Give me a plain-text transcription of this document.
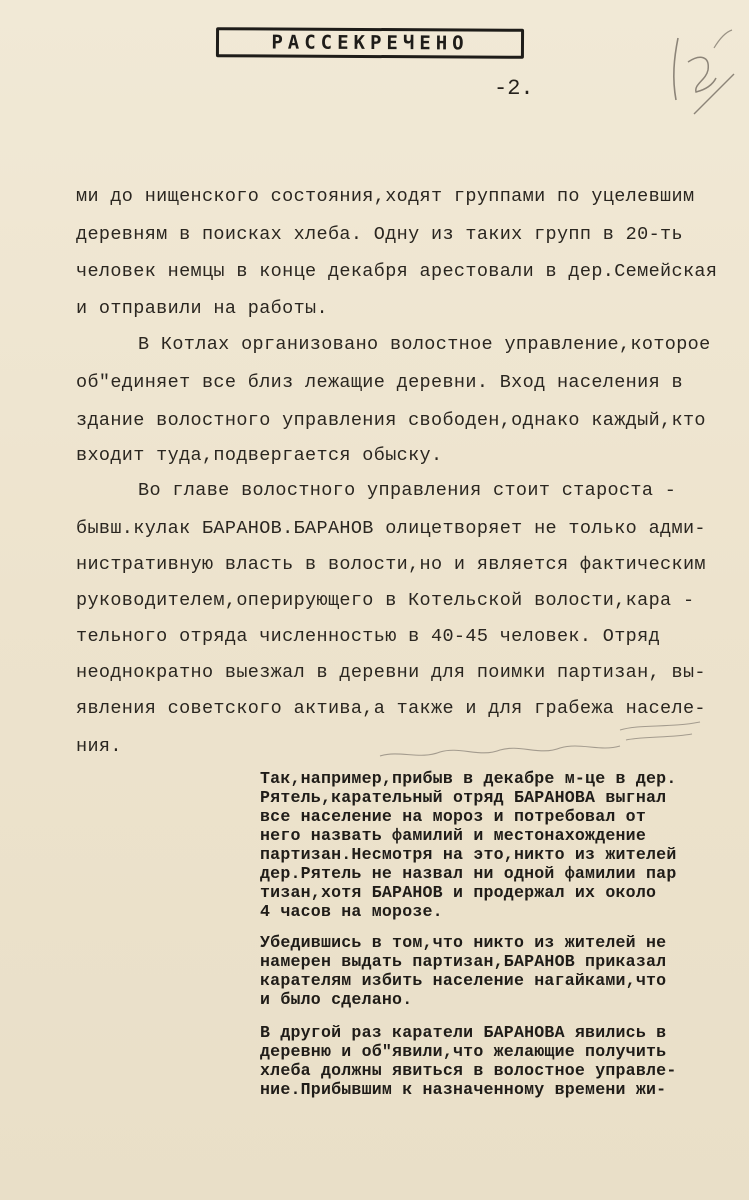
РАССЕКРЕЧЕНО
-2.
ми до нищенского состояния,ходят группами по уцелевшим
деревням в поисках хлеба. Одну из таких групп в 20-ть
человек немцы в конце декабря арестовали в дер.Семейская
и отправили на работы.
В Котлах организовано волостное управление,которое
об"единяет все близ лежащие деревни. Вход населения в
здание волостного управления свободен,однако каждый,кто
входит туда,подвергается обыску.
Во главе волостного управления стоит староста -
бывш.кулак БАРАНОВ.БАРАНОВ олицетворяет не только адми-
нистративную власть в волости,но и является фактическим
руководителем,оперирующего в Котельской волости,кара -
тельного отряда численностью в 40-45 человек. Отряд
неоднократно выезжал в деревни для поимки партизан, вы-
явления советского актива,а также и для грабежа населе-
ния.
Так,например,прибыв в декабре м-це в дер.
Рятель,карательный отряд БАРАНОВА выгнал
все население на мороз и потребовал от
него назвать фамилий и местонахождение
партизан.Несмотря на это,никто из жителей
дер.Рятель не назвал ни одной фамилии пар
тизан,хотя БАРАНОВ и продержал их около
4 часов на морозе.
Убедившись в том,что никто из жителей не
намерен выдать партизан,БАРАНОВ приказал
карателям избить население нагайками,что
и было сделано.
В другой раз каратели БАРАНОВА явились в
деревню и об"явили,что желающие получить
хлеба должны явиться в волостное управле-
ние.Прибывшим к назначенному времени жи-
